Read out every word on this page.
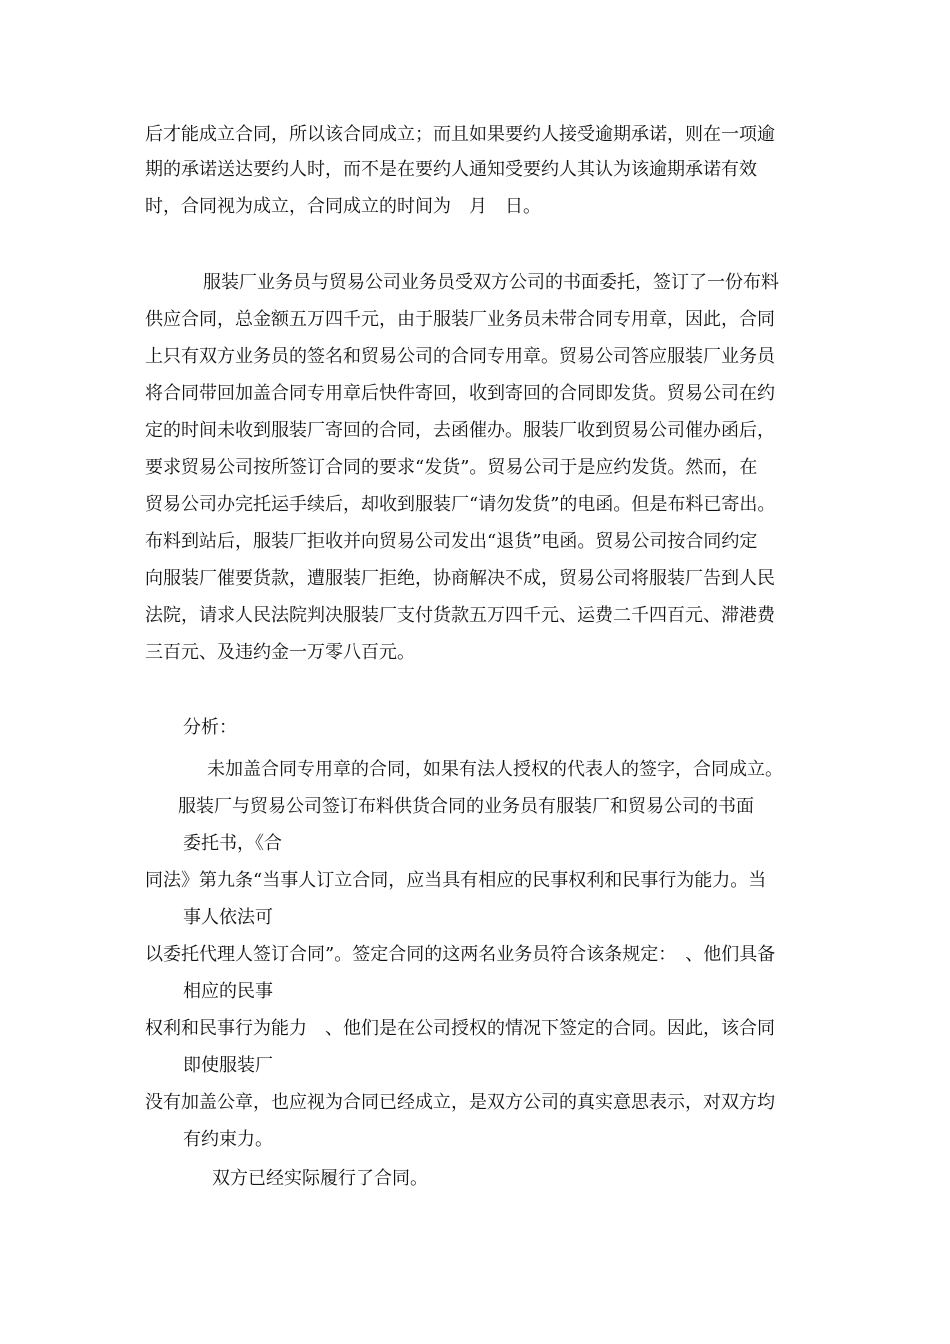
后才能成立合同，所以该合同成立；而且如果要约人接受逾期承诺，则在一项逾
期的承诺送达要约人时，而不是在要约人通知受要约人其认为该逾期承诺有效
时，合同视为成立，合同成立的时间为　月　日。
服装厂业务员与贸易公司业务员受双方公司的书面委托，签订了一份布料
供应合同，总金额五万四千元，由于服装厂业务员未带合同专用章，因此，合同
上只有双方业务员的签名和贸易公司的合同专用章。贸易公司答应服装厂业务员
将合同带回加盖合同专用章后快件寄回，收到寄回的合同即发货。贸易公司在约
定的时间未收到服装厂寄回的合同，去函催办。服装厂收到贸易公司催办函后，
要求贸易公司按所签订合同的要求“发货”。贸易公司于是应约发货。然而，在
贸易公司办完托运手续后，却收到服装厂“请勿发货”的电函。但是布料已寄出。
布料到站后，服装厂拒收并向贸易公司发出“退货”电函。贸易公司按合同约定
向服装厂催要货款，遭服装厂拒绝，协商解决不成，贸易公司将服装厂告到人民
法院，请求人民法院判决服装厂支付货款五万四千元、运费二千四百元、滞港费
三百元、及违约金一万零八百元。
分析：
未加盖合同专用章的合同，如果有法人授权的代表人的签字，合同成立。
服装厂与贸易公司签订布料供货合同的业务员有服装厂和贸易公司的书面
委托书，《合
同法》第九条“当事人订立合同，应当具有相应的民事权利和民事行为能力。当
事人依法可
以委托代理人签订合同”。签定合同的这两名业务员符合该条规定：　、他们具备
相应的民事
权利和民事行为能力　、他们是在公司授权的情况下签定的合同。因此，该合同
即使服装厂
没有加盖公章，也应视为合同已经成立，是双方公司的真实意思表示，对双方均
有约束力。
双方已经实际履行了合同。
